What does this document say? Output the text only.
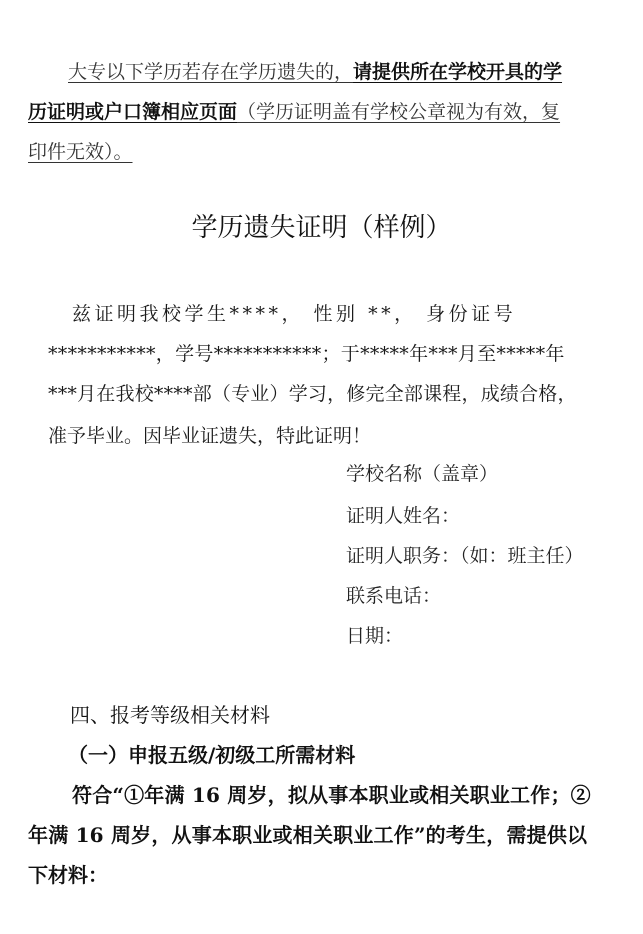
大专以下学历若存在学历遗失的，请提供所在学校开具的学
历证明或户口簿相应页面（学历证明盖有学校公章视为有效，复
印件无效）。
学历遗失证明（样例）
兹证明我校学生****， 性别 **， 身份证号
***********，学号***********；于*****年***月至*****年
***月在我校****部（专业）学习，修完全部课程，成绩合格，
准予毕业。因毕业证遗失，特此证明！
学校名称（盖章）
证明人姓名：
证明人职务：（如：班主任）
联系电话：
日期：
四、报考等级相关材料
（一）申报五级/初级工所需材料
符合“①年满 16 周岁，拟从事本职业或相关职业工作；②
年满 16 周岁，从事本职业或相关职业工作”的考生，需提供以
下材料：
